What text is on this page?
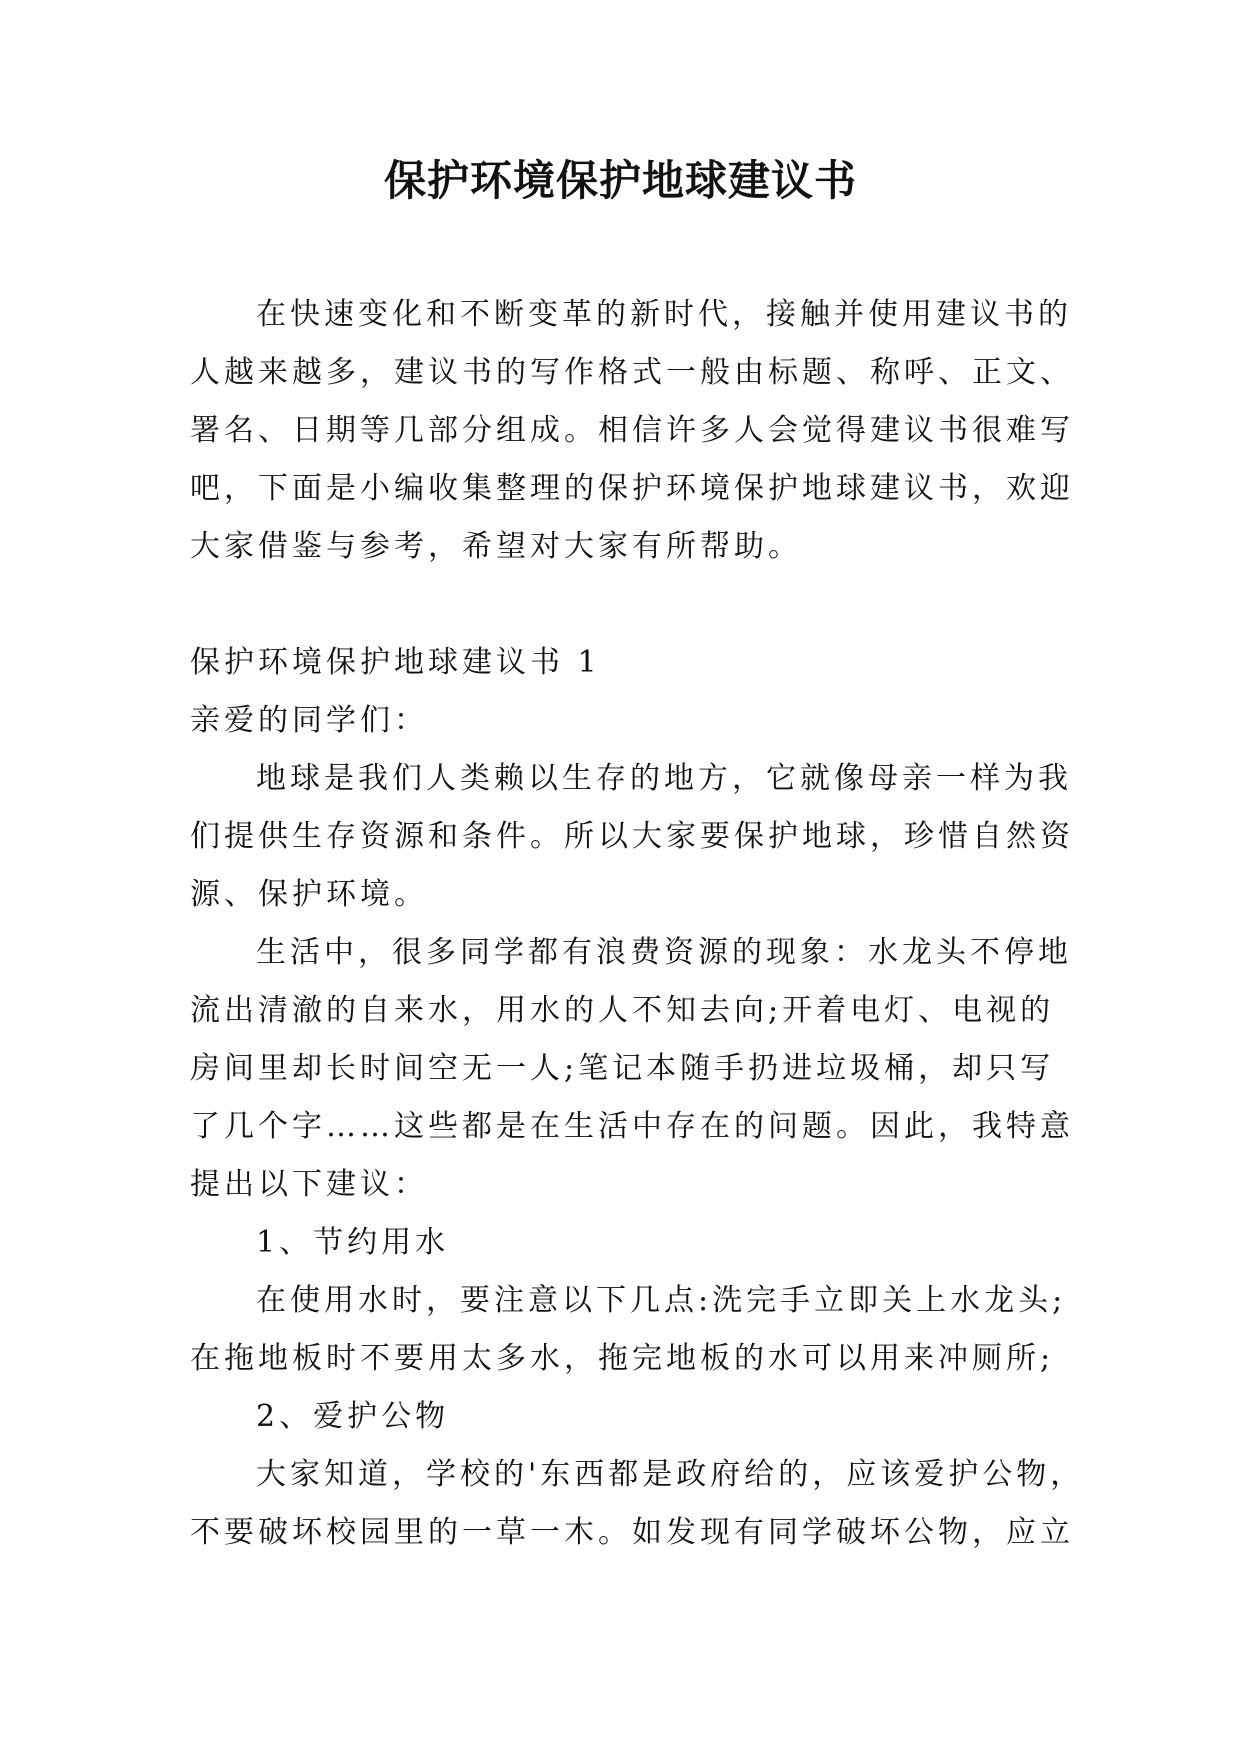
保护环境保护地球建议书

在快速变化和不断变革的新时代，接触并使用建议书的

人越来越多，建议书的写作格式一般由标题、称呼、正文、

署名、日期等几部分组成。相信许多人会觉得建议书很难写

吧，下面是小编收集整理的保护环境保护地球建议书，欢迎

大家借鉴与参考，希望对大家有所帮助。

保护环境保护地球建议书 1

亲爱的同学们：

地球是我们人类赖以生存的地方，它就像母亲一样为我

们提供生存资源和条件。所以大家要保护地球，珍惜自然资

源、保护环境。

生活中，很多同学都有浪费资源的现象：水龙头不停地

流出清澈的自来水，用水的人不知去向;开着电灯、电视的

房间里却长时间空无一人;笔记本随手扔进垃圾桶，却只写

了几个字……这些都是在生活中存在的问题。因此，我特意

提出以下建议：

1、节约用水

在使用水时，要注意以下几点:洗完手立即关上水龙头;

在拖地板时不要用太多水，拖完地板的水可以用来冲厕所;

2、爱护公物

大家知道，学校的'东西都是政府给的，应该爱护公物，

不要破坏校园里的一草一木。如发现有同学破坏公物，应立
